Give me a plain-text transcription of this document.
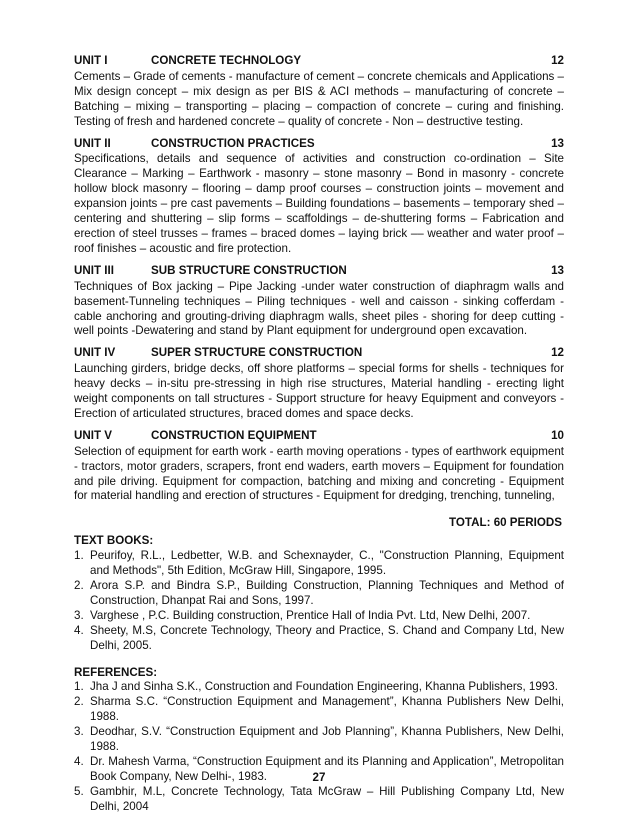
UNIT I	CONCRETE TECHNOLOGY	12
Cements – Grade of cements - manufacture of cement – concrete chemicals and Applications – Mix design concept – mix design as per BIS & ACI methods – manufacturing of concrete – Batching – mixing – transporting – placing – compaction of concrete – curing and finishing. Testing of fresh and hardened concrete – quality of concrete - Non – destructive testing.
UNIT II	CONSTRUCTION PRACTICES	13
Specifications, details and sequence of activities and construction co-ordination – Site Clearance – Marking – Earthwork - masonry – stone masonry – Bond in masonry - concrete hollow block masonry – flooring – damp proof courses – construction joints – movement and expansion joints – pre cast pavements – Building foundations – basements – temporary shed – centering and shuttering – slip forms – scaffoldings – de-shuttering forms – Fabrication and erection of steel trusses – frames – braced domes – laying brick –– weather and water proof – roof finishes – acoustic and fire protection.
UNIT III	SUB STRUCTURE CONSTRUCTION	13
Techniques of Box jacking – Pipe Jacking -under water construction of diaphragm walls and basement-Tunneling techniques – Piling techniques - well and caisson - sinking cofferdam - cable anchoring and grouting-driving diaphragm walls, sheet piles - shoring for deep cutting - well points -Dewatering and stand by Plant equipment for underground open excavation.
UNIT IV	SUPER STRUCTURE CONSTRUCTION	12
Launching girders, bridge decks, off shore platforms – special forms for shells - techniques for heavy decks – in-situ pre-stressing in high rise structures, Material handling - erecting light weight components on tall structures - Support structure for heavy Equipment and conveyors - Erection of articulated structures, braced domes and space decks.
UNIT V	CONSTRUCTION EQUIPMENT	10
Selection of equipment for earth work - earth moving operations - types of earthwork equipment - tractors, motor graders, scrapers, front end waders, earth movers – Equipment for foundation and pile driving. Equipment for compaction, batching and mixing and concreting - Equipment for material handling and erection of structures - Equipment for dredging, trenching, tunneling,
TOTAL: 60 PERIODS
TEXT BOOKS:
1. Peurifoy, R.L., Ledbetter, W.B. and Schexnayder, C., "Construction Planning, Equipment and Methods", 5th Edition, McGraw Hill, Singapore, 1995.
2. Arora S.P. and Bindra S.P., Building Construction, Planning Techniques and Method of Construction, Dhanpat Rai and Sons, 1997.
3. Varghese , P.C. Building construction, Prentice Hall of India Pvt. Ltd, New Delhi, 2007.
4. Sheety, M.S, Concrete Technology, Theory and Practice, S. Chand and Company Ltd, New Delhi, 2005.
REFERENCES:
1. Jha J and Sinha S.K., Construction and Foundation Engineering, Khanna Publishers, 1993.
2. Sharma S.C. “Construction Equipment and Management”, Khanna Publishers New Delhi, 1988.
3. Deodhar, S.V. “Construction Equipment and Job Planning”, Khanna Publishers, New Delhi, 1988.
4. Dr. Mahesh Varma, “Construction Equipment and its Planning and Application”, Metropolitan Book Company, New Delhi-, 1983.
5. Gambhir, M.L, Concrete Technology, Tata McGraw – Hill Publishing Company Ltd, New Delhi, 2004
27
